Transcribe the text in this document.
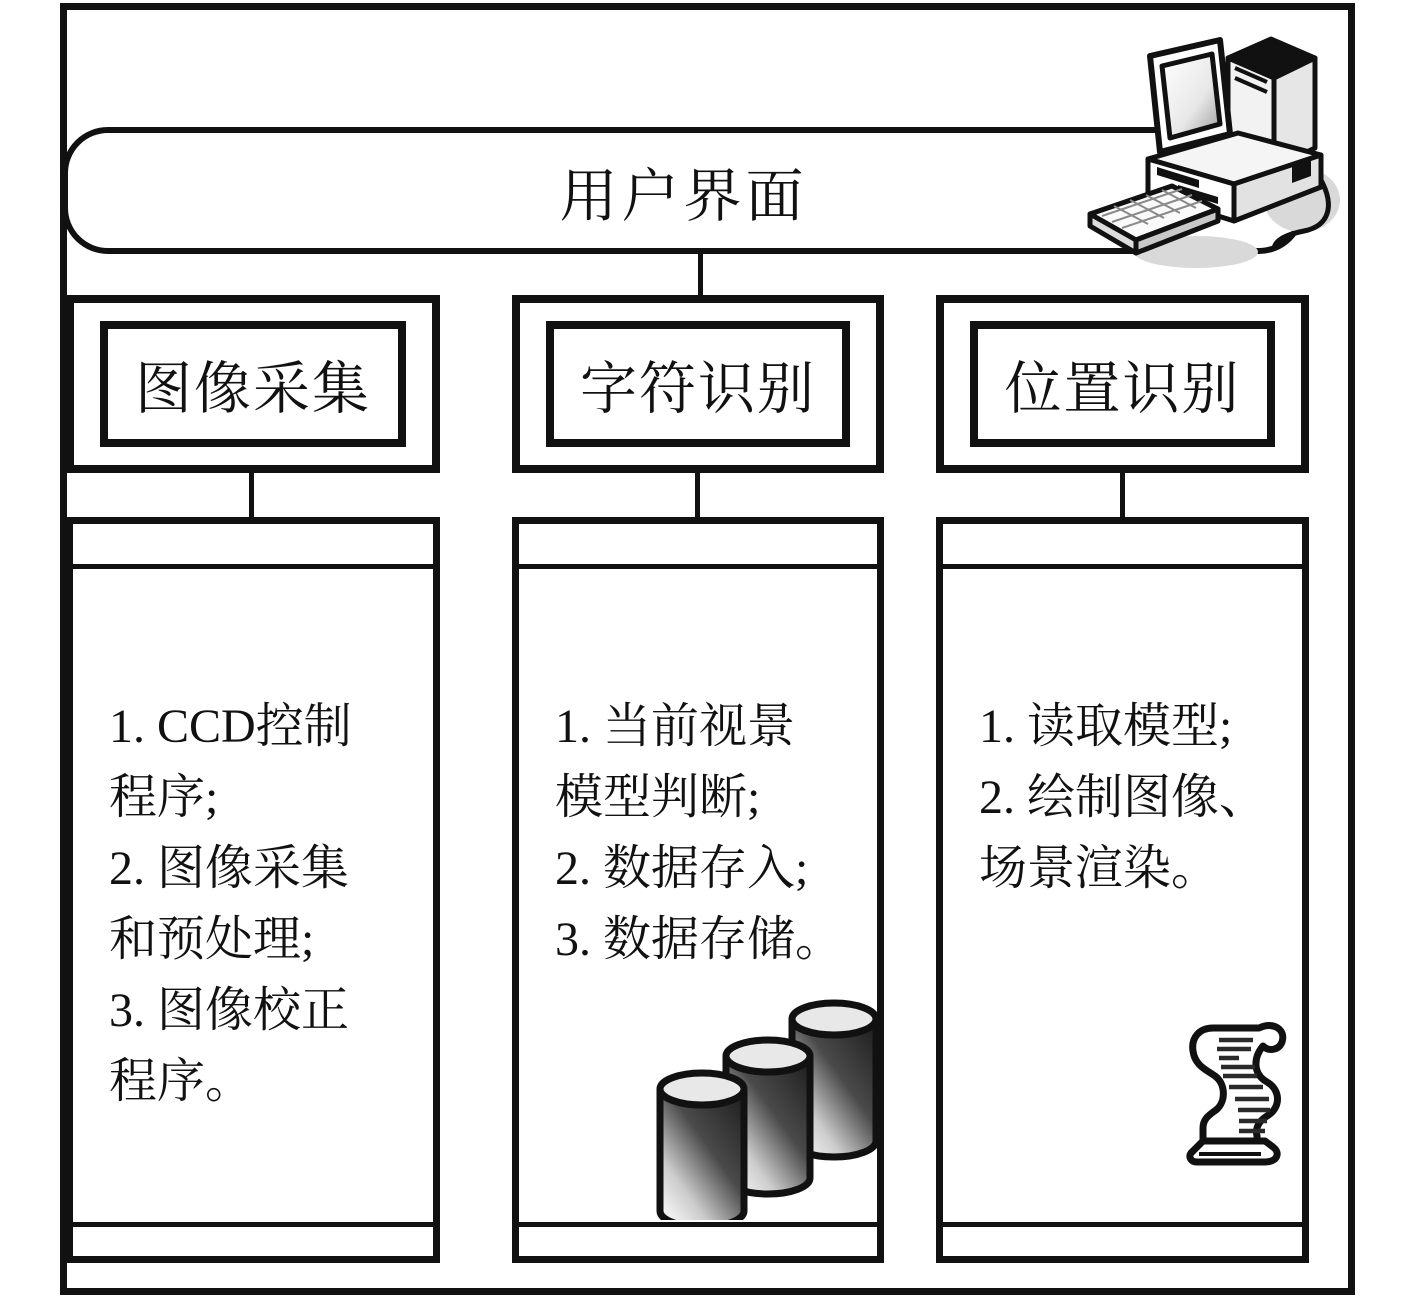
用户界面
图像采集	字符识别	位置识别
1. CCD控制
程序;
2. 图像采集
和预处理;
3. 图像校正
程序。
1. 当前视景
模型判断;
2. 数据存入;
3. 数据存储。
1. 读取模型;
2. 绘制图像、
场景渲染。
